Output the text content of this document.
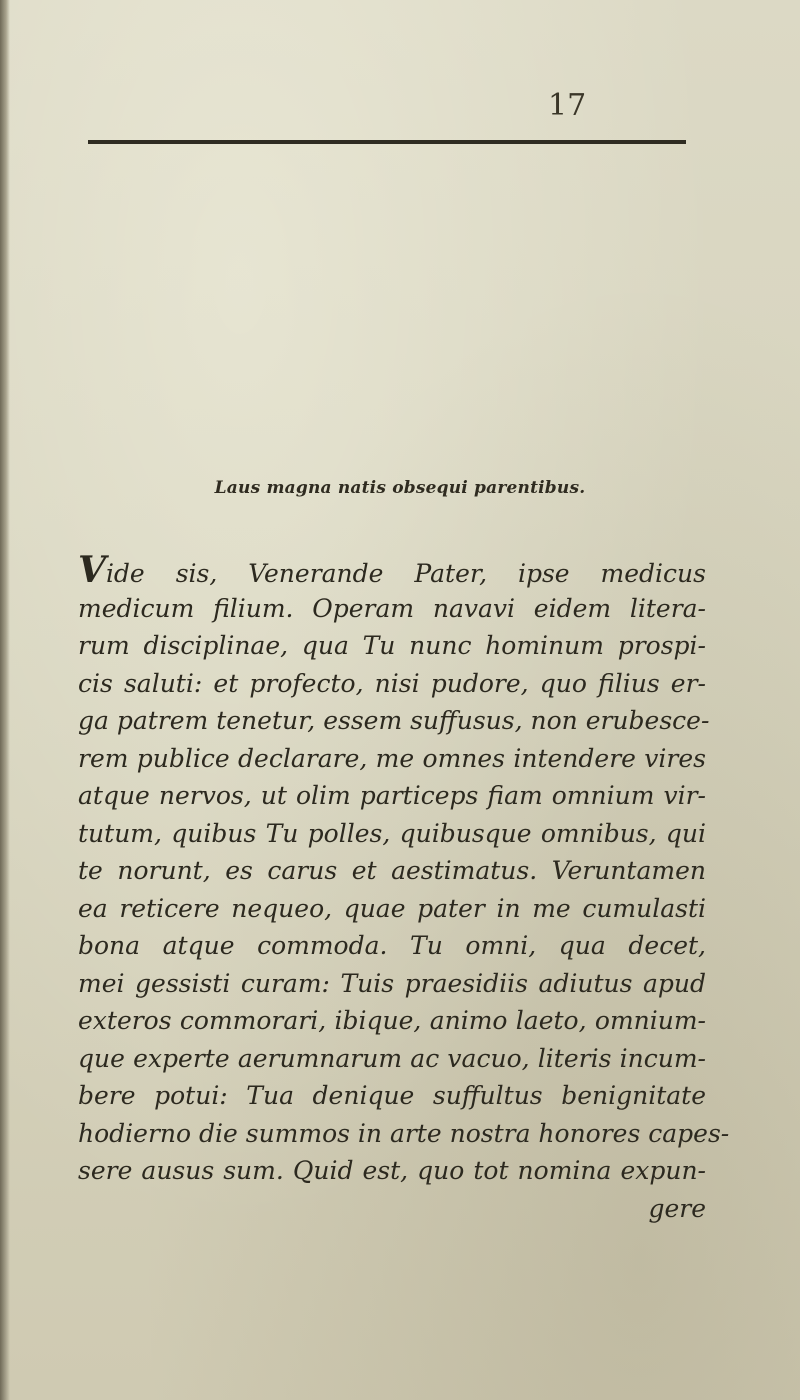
17
Laus magna natis obsequi parentibus.
Vide sis, Venerande Pater, ipse medicus
medicum filium. Operam navavi eidem litera-
rum disciplinae, qua Tu nunc hominum prospi-
cis saluti: et profecto, nisi pudore, quo filius er-
ga patrem tenetur, essem suffusus, non erubesce-
rem publice declarare, me omnes intendere vires
atque nervos, ut olim particeps fiam omnium vir-
tutum, quibus Tu polles, quibusque omnibus, qui
te norunt, es carus et aestimatus. Veruntamen
ea reticere nequeo, quae pater in me cumulasti
bona atque commoda. Tu omni, qua decet,
mei gessisti curam: Tuis praesidiis adiutus apud
exteros commorari, ibique, animo laeto, omnium-
que experte aerumnarum ac vacuo, literis incum-
bere potui: Tua denique suffultus benignitate
hodierno die summos in arte nostra honores capes-
sere ausus sum. Quid est, quo tot nomina expun-
gere
